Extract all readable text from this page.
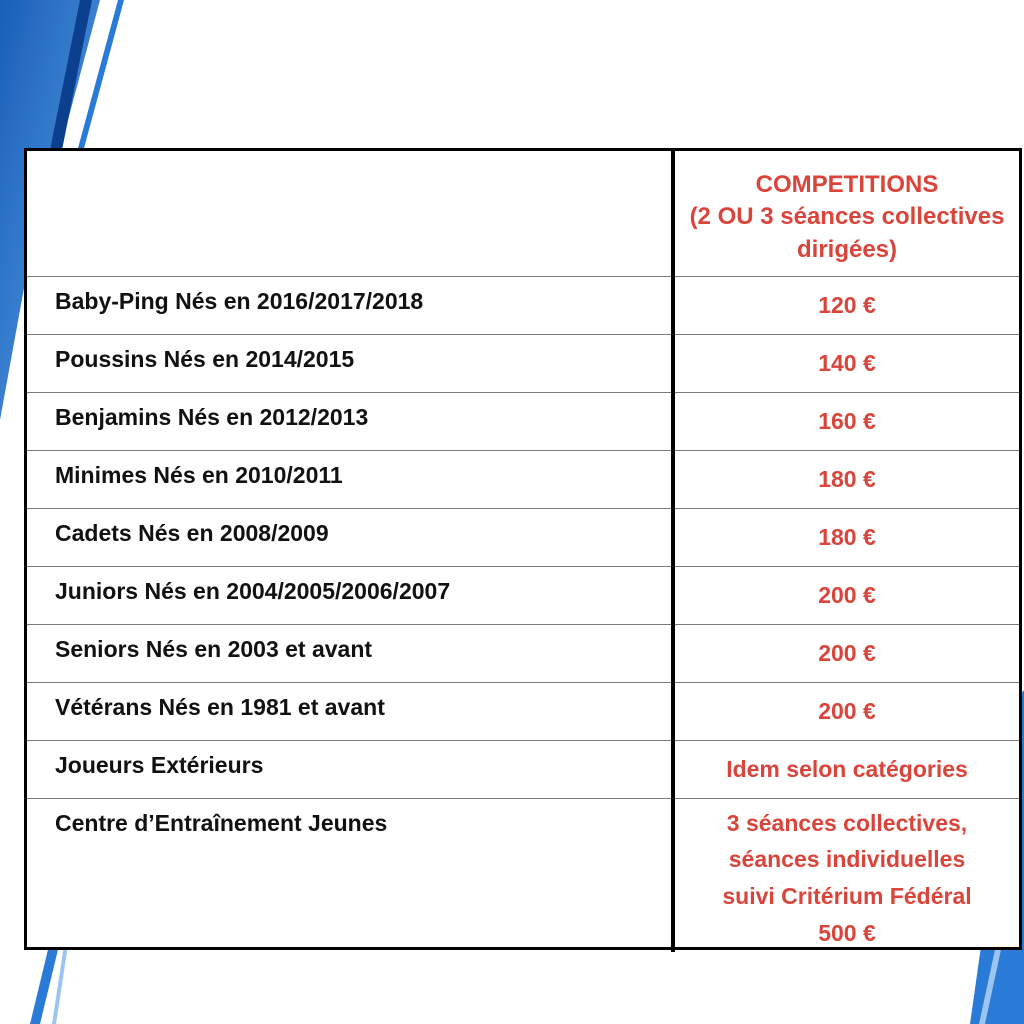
	COMPETITIONS
(2 OU 3 séances collectives
dirigées)

Baby-Ping Nés en 2016/2017/2018	120 €
Poussins Nés en 2014/2015	140 €
Benjamins Nés en 2012/2013	160 €
Minimes Nés en 2010/2011	180 €
Cadets Nés en 2008/2009	180 €
Juniors Nés en 2004/2005/2006/2007	200 €
Seniors Nés en 2003 et avant	200 €
Vétérans Nés en 1981 et avant	200 €
Joueurs Extérieurs	Idem selon catégories
Centre d’Entraînement Jeunes	3 séances collectives,
séances individuelles
suivi Critérium Fédéral
500 €
